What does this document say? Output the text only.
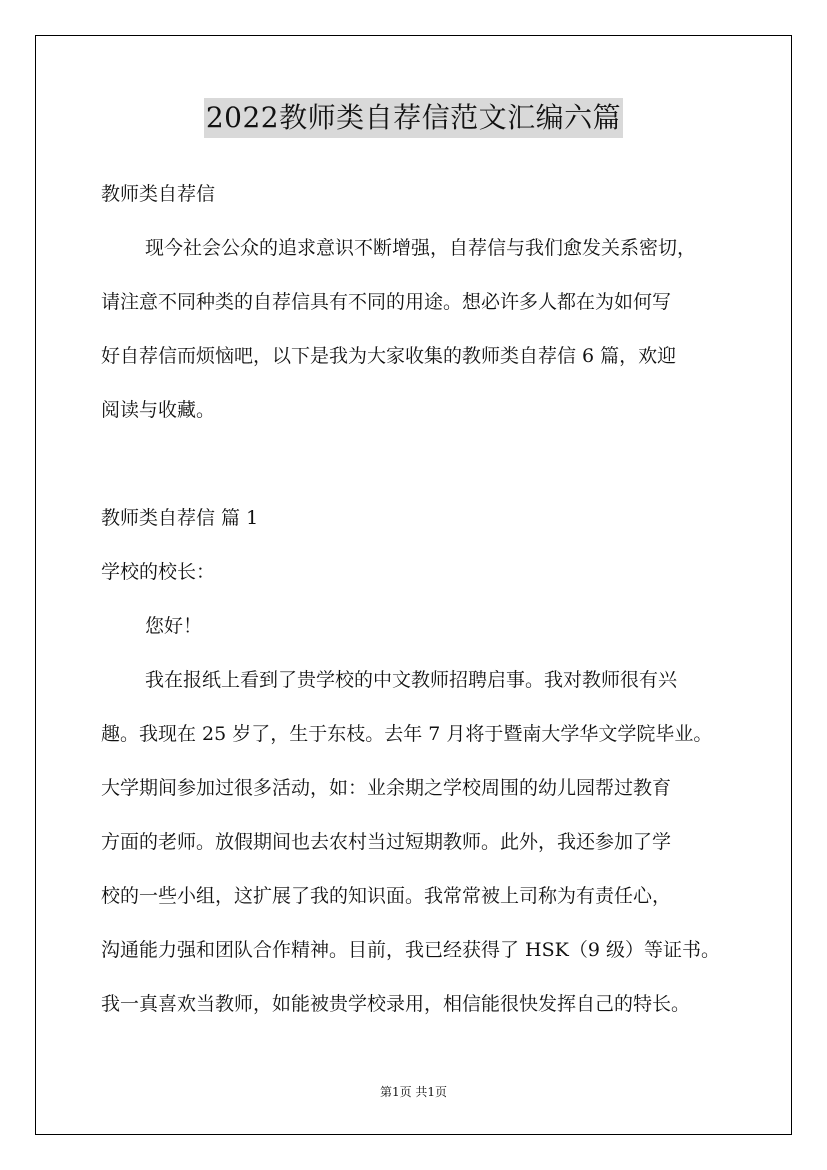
2022教师类自荐信范文汇编六篇
教师类自荐信
现今社会公众的追求意识不断增强，自荐信与我们愈发关系密切，
请注意不同种类的自荐信具有不同的用途。想必许多人都在为如何写
好自荐信而烦恼吧，以下是我为大家收集的教师类自荐信 6 篇，欢迎
阅读与收藏。
教师类自荐信 篇 1
学校的校长：
您好！
我在报纸上看到了贵学校的中文教师招聘启事。我对教师很有兴
趣。我现在 25 岁了，生于东枝。去年 7 月将于暨南大学华文学院毕业。
大学期间参加过很多活动，如：业余期之学校周围的幼儿园帮过教育
方面的老师。放假期间也去农村当过短期教师。此外，我还参加了学
校的一些小组，这扩展了我的知识面。我常常被上司称为有责任心，
沟通能力强和团队合作精神。目前，我已经获得了 HSK（9 级）等证书。
我一真喜欢当教师，如能被贵学校录用，相信能很快发挥自己的特长。
第1页 共1页
